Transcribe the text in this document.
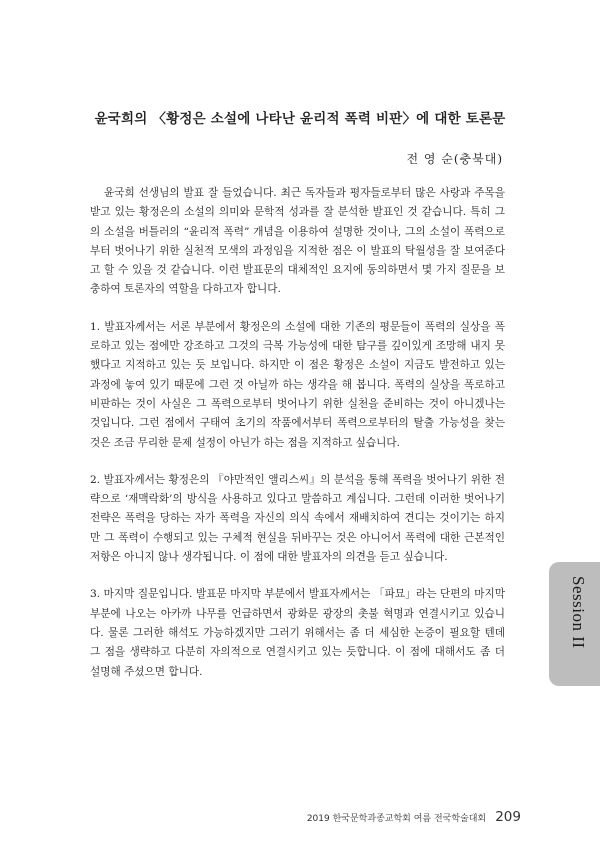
윤국희의 〈황정은 소설에 나타난 윤리적 폭력 비판〉에 대한 토론문
전 영 순(충북대)

윤국희 선생님의 발표 잘 들었습니다. 최근 독자들과 평자들로부터 많은 사랑과 주목을 받고 있는 황정은의 소설의 의미와 문학적 성과를 잘 분석한 발표인 것 같습니다. 특히 그의 소설을 버틀러의 “윤리적 폭력” 개념을 이용하여 설명한 것이나, 그의 소설이 폭력으로부터 벗어나기 위한 실천적 모색의 과정임을 지적한 점은 이 발표의 탁월성을 잘 보여준다고 할 수 있을 것 같습니다. 이런 발표문의 대체적인 요지에 동의하면서 몇 가지 질문을 보충하여 토론자의 역할을 다하고자 합니다.

1. 발표자께서는 서론 부분에서 황정은의 소설에 대한 기존의 평문들이 폭력의 실상을 폭로하고 있는 점에만 강조하고 그것의 극복 가능성에 대한 탐구를 깊이있게 조망해 내지 못했다고 지적하고 있는 듯 보입니다. 하지만 이 점은 황정은 소설이 지금도 발전하고 있는 과정에 놓여 있기 때문에 그런 것 아닐까 하는 생각을 해 봅니다. 폭력의 실상을 폭로하고 비판하는 것이 사실은 그 폭력으로부터 벗어나기 위한 실천을 준비하는 것이 아니겠나는 것입니다. 그런 점에서 구태여 초기의 작품에서부터 폭력으로부터의 탈출 가능성을 찾는 것은 조금 무리한 문제 설정이 아닌가 하는 점을 지적하고 싶습니다.

2. 발표자께서는 황정은의 『야만적인 앨리스씨』의 분석을 통해 폭력을 벗어나기 위한 전략으로 ‘재맥락화’의 방식을 사용하고 있다고 말씀하고 계십니다. 그런데 이러한 벗어나기 전략은 폭력을 당하는 자가 폭력을 자신의 의식 속에서 재배치하여 견디는 것이기는 하지만 그 폭력이 수행되고 있는 구체적 현실을 뒤바꾸는 것은 아니어서 폭력에 대한 근본적인 저항은 아니지 않나 생각됩니다. 이 점에 대한 발표자의 의견을 듣고 싶습니다.

3. 마지막 질문입니다. 발표문 마지막 부분에서 발표자께서는 「파묘」라는 단편의 마지막 부분에 나오는 아카까 나무를 언급하면서 광화문 광장의 촛불 혁명과 연결시키고 있습니다. 물론 그러한 해석도 가능하겠지만 그러기 위해서는 좀 더 세심한 논증이 필요할 텐데 그 점을 생략하고 다분히 자의적으로 연결시키고 있는 듯합니다. 이 점에 대해서도 좀 더 설명해 주셨으면 합니다.

Session II
2019 한국문학과종교학회 여름 전국학술대회 209
